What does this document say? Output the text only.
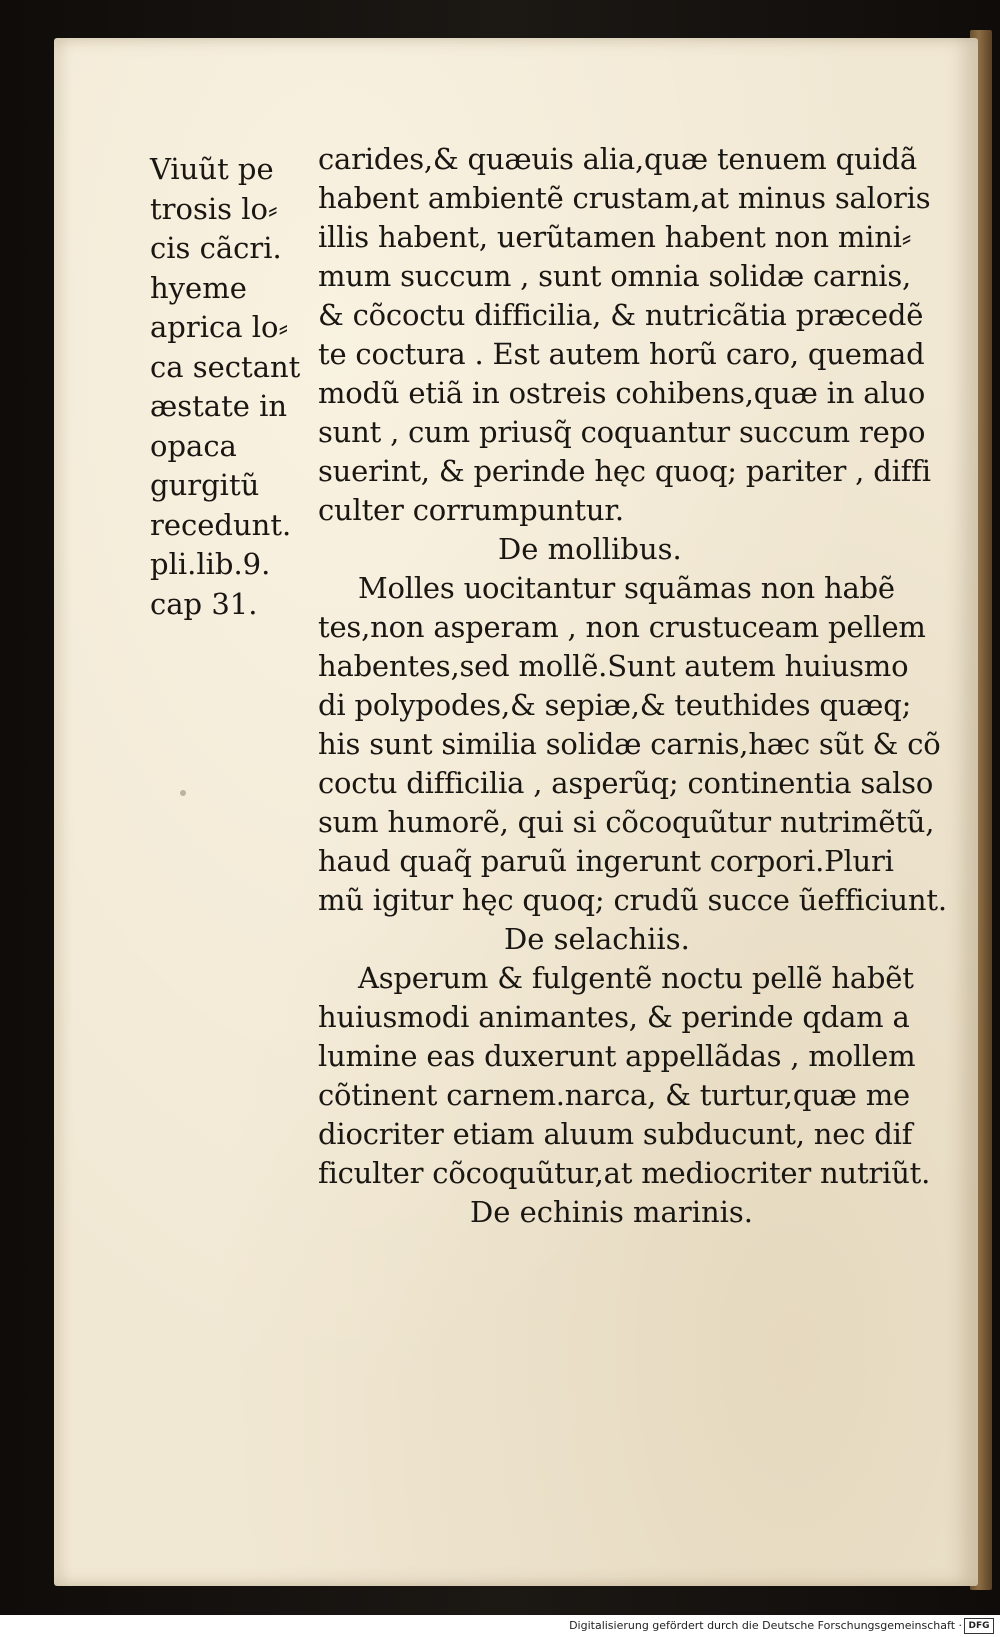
Viuũt pe
trosis lo⸗
cis cãcri.
hyeme
aprica lo⸗
ca sectant
æstate in
opaca
gurgitũ
recedunt.
pli.lib.9.
cap 31.
carides,& quæuis alia,quæ tenuem quidã
habent ambientẽ crustam,at minus saloris
illis habent, uerũtamen habent non mini⸗
mum succum , sunt omnia solidæ carnis,
& cõcoctu difficilia, & nutricãtia præcedẽ
te coctura . Est autem horũ caro, quemad
modũ etiã in ostreis cohibens,quæ in aluo
sunt , cum priusq̃ coquantur succum repo
suerint, & perinde hęc quoq; pariter , diffi
culter corrumpuntur.
De mollibus.
Molles uocitantur squãmas non habẽ
tes,non asperam , non crustuceam pellem
habentes,sed mollẽ.Sunt autem huiusmo
di polypodes,& sepiæ,& teuthides quæq;
his sunt similia solidæ carnis,hæc sũt & cõ
coctu difficilia , asperũq; continentia salso
sum humorẽ, qui si cõcoquũtur nutrimẽtũ,
haud quaq̃ paruũ ingerunt corpori.Pluri
mũ igitur hęc quoq; crudũ succe ũefficiunt.
De selachiis.
Asperum & fulgentẽ noctu pellẽ habẽt
huiusmodi animantes, & perinde qdam a
lumine eas duxerunt appellãdas , mollem
cõtinent carnem.narca, & turtur,quæ me
diocriter etiam aluum subducunt, nec dif
ficulter cõcoquũtur,at mediocriter nutriũt.
De echinis marinis.
Digitalisierung gefördert durch die Deutsche Forschungsgemeinschaft · DFG
